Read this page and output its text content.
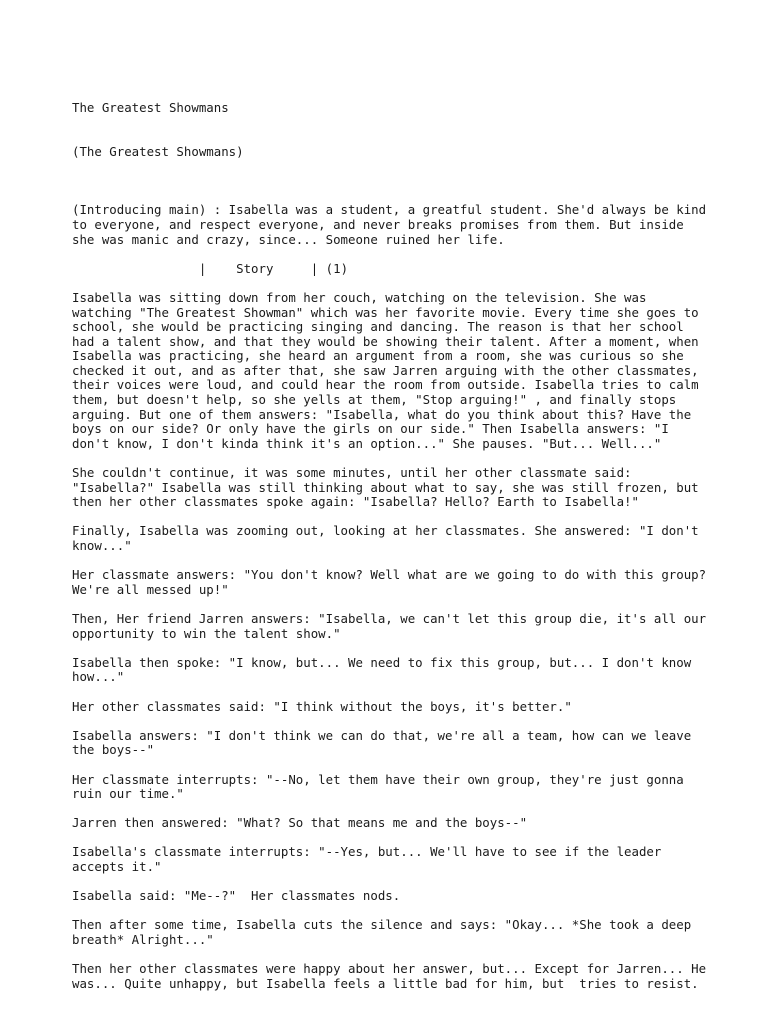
The Greatest Showmans

(The Greatest Showmans)

(Introducing main) : Isabella was a student, a greatful student. She'd always be kind to everyone, and respect everyone, and never breaks promises from them. But inside she was manic and crazy, since... Someone ruined her life.

|    Story     | (1)

Isabella was sitting down from her couch, watching on the television. She was watching "The Greatest Showman" which was her favorite movie. Every time she goes to school, she would be practicing singing and dancing. The reason is that her school had a talent show, and that they would be showing their talent. After a moment, when Isabella was practicing, she heard an argument from a room, she was curious so she checked it out, and as after that, she saw Jarren arguing with the other classmates, their voices were loud, and could hear the room from outside. Isabella tries to calm them, but doesn't help, so she yells at them, "Stop arguing!" , and finally stops arguing. But one of them answers: "Isabella, what do you think about this? Have the boys on our side? Or only have the girls on our side." Then Isabella answers: "I don't know, I don't kinda think it's an option..." She pauses. "But... Well..."

She couldn't continue, it was some minutes, until her other classmate said: "Isabella?" Isabella was still thinking about what to say, she was still frozen, but then her other classmates spoke again: "Isabella? Hello? Earth to Isabella!"

Finally, Isabella was zooming out, looking at her classmates. She answered: "I don't know..."

Her classmate answers: "You don't know? Well what are we going to do with this group? We're all messed up!"

Then, Her friend Jarren answers: "Isabella, we can't let this group die, it's all our opportunity to win the talent show."

Isabella then spoke: "I know, but... We need to fix this group, but... I don't know how..."

Her other classmates said: "I think without the boys, it's better."

Isabella answers: "I don't think we can do that, we're all a team, how can we leave the boys--"

Her classmate interrupts: "--No, let them have their own group, they're just gonna ruin our time."

Jarren then answered: "What? So that means me and the boys--"

Isabella's classmate interrupts: "--Yes, but... We'll have to see if the leader accepts it."

Isabella said: "Me--?"  Her classmates nods.

Then after some time, Isabella cuts the silence and says: "Okay... *She took a deep breath* Alright..."

Then her other classmates were happy about her answer, but... Except for Jarren... He was... Quite unhappy, but Isabella feels a little bad for him, but  tries to resist.
